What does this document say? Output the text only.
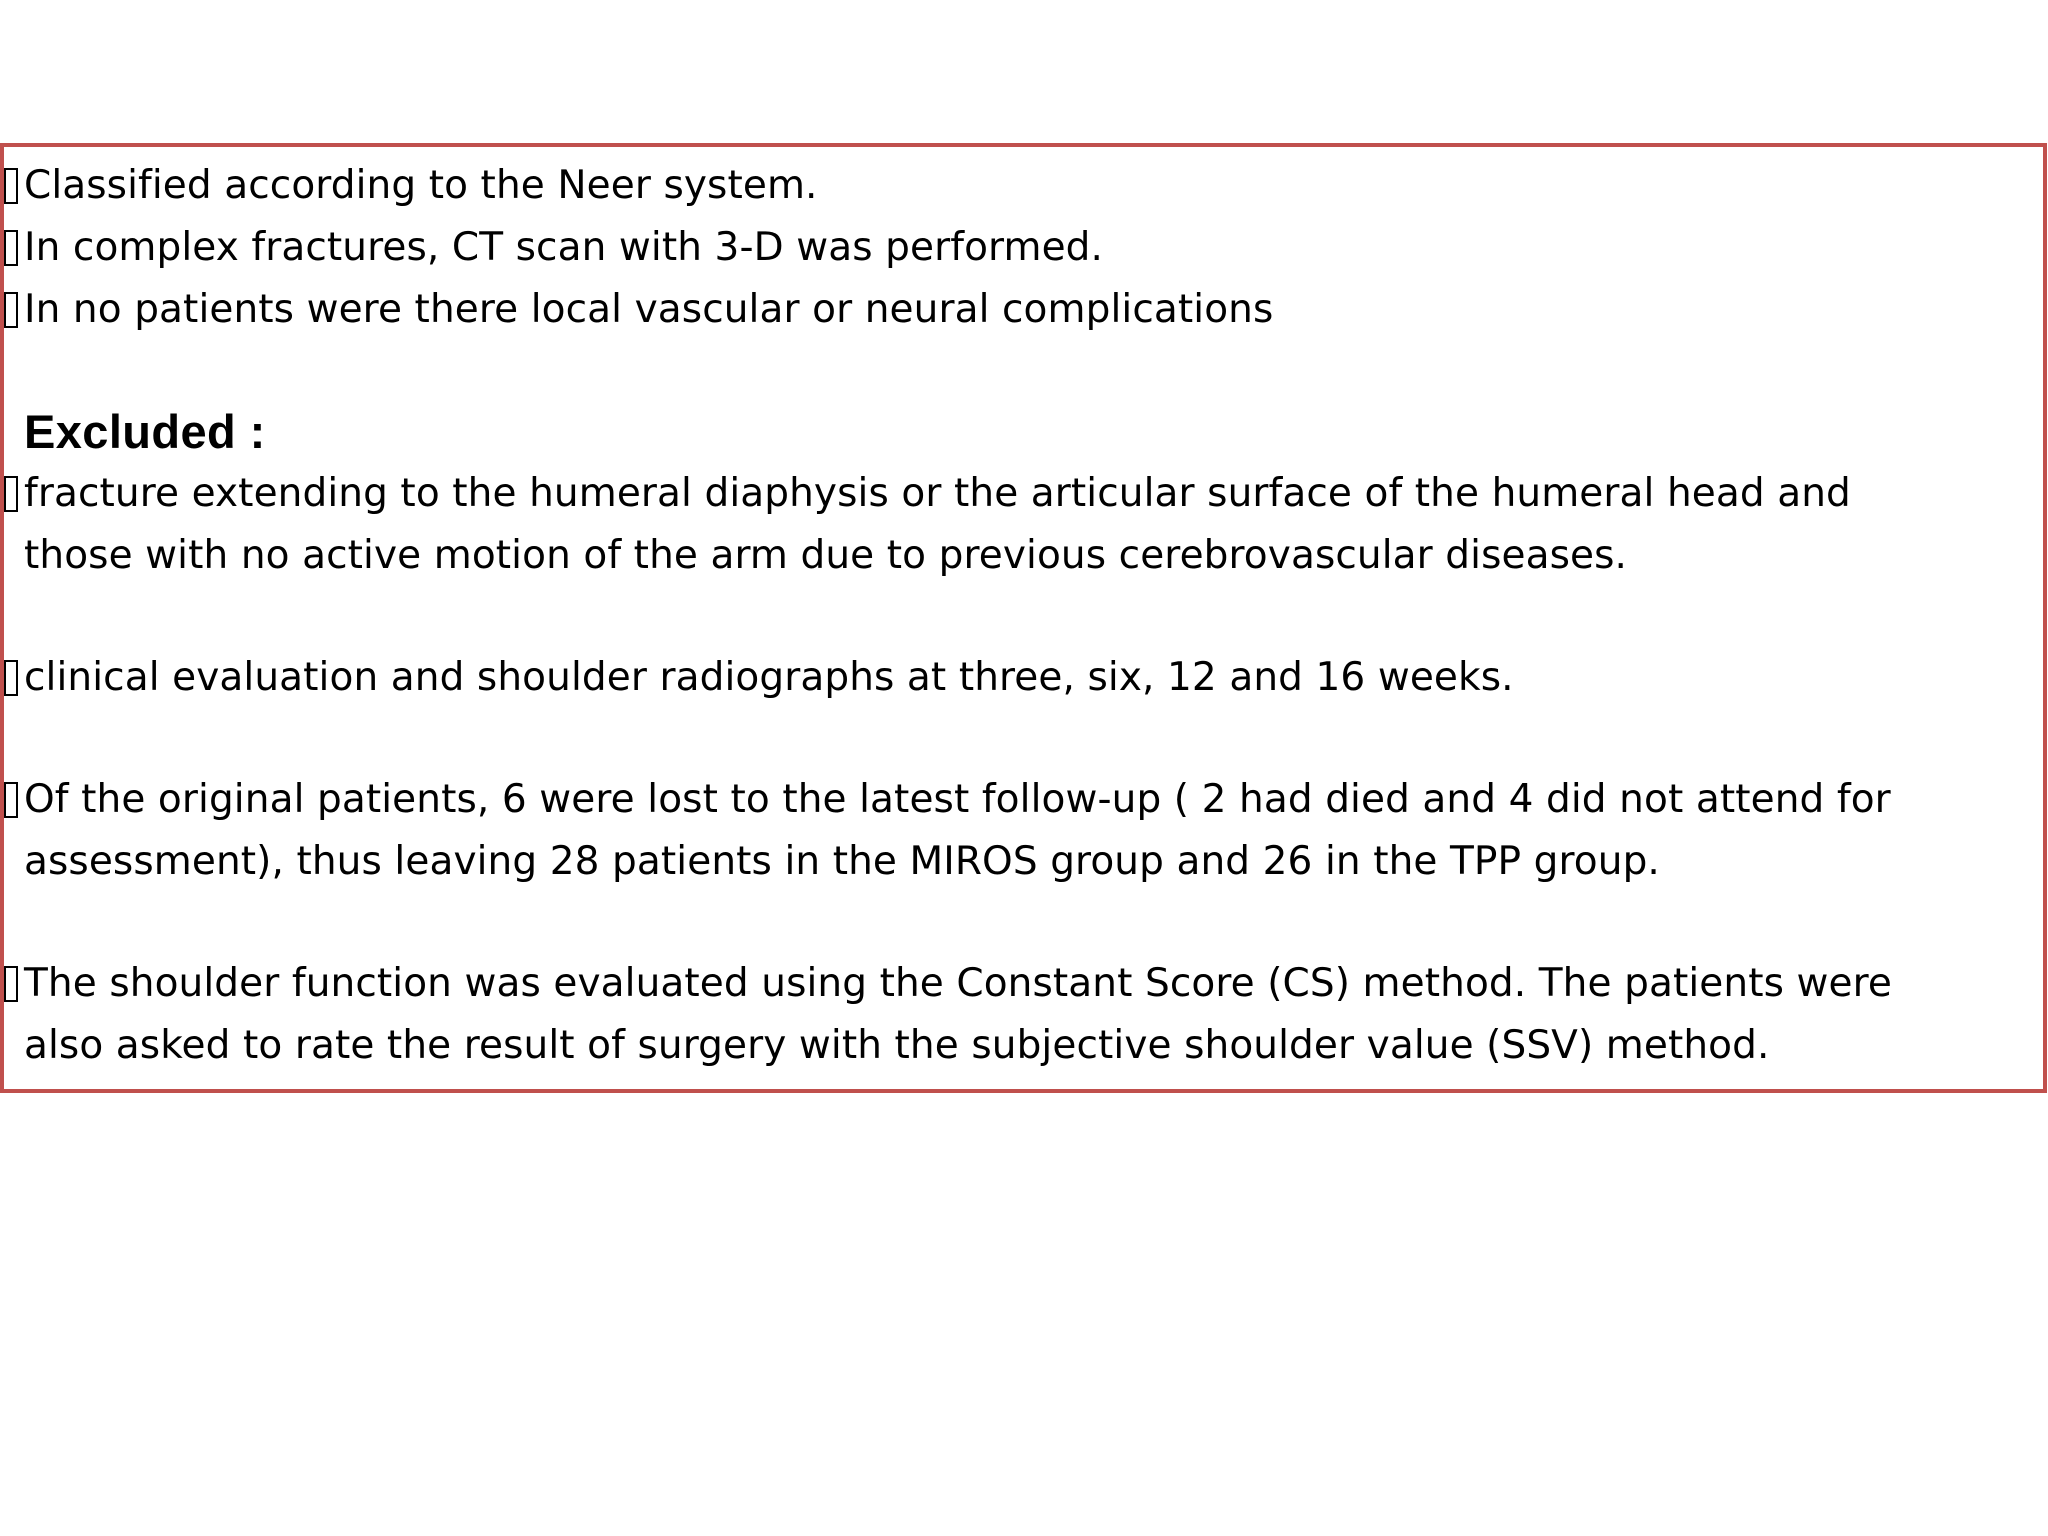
Classified according to the Neer system.
In complex fractures, CT scan with 3-D was performed.
In no patients were there local vascular or neural complications
Excluded :
fracture extending to the humeral diaphysis or the articular surface of the humeral head and
those with no active motion of the arm due to previous cerebrovascular diseases.
clinical evaluation and shoulder radiographs at three, six, 12 and 16 weeks.
Of the original patients, 6 were lost to the latest follow-up ( 2 had died and 4 did not attend for
assessment), thus leaving 28 patients in the MIROS group and 26 in the TPP group.
The shoulder function was evaluated using the Constant Score (CS) method. The patients were
also asked to rate the result of surgery with the subjective shoulder value (SSV) method.
